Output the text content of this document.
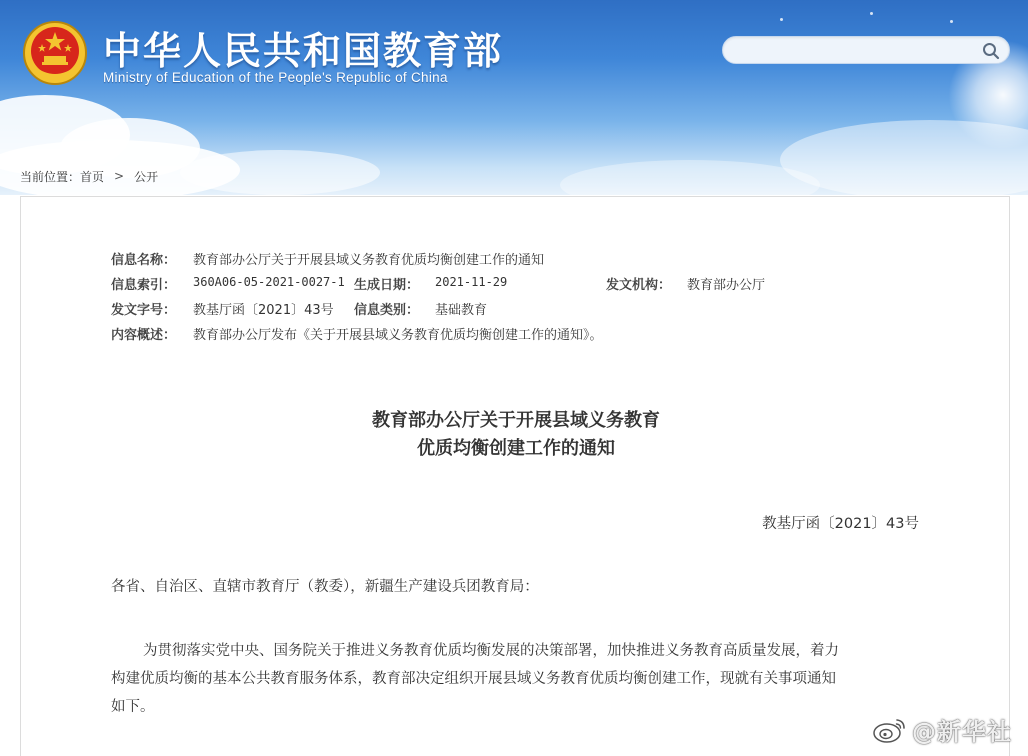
中华人民共和国教育部
Ministry of Education of the People's Republic of China
当前位置： 首页 > 公开
信息名称： 教育部办公厅关于开展县域义务教育优质均衡创建工作的通知
信息索引： 360A06-05-2021-0027-1 生成日期： 2021-11-29	发文机构： 教育部办公厅
发文字号： 教基厅函〔2021〕43号 信息类别： 基础教育
内容概述： 教育部办公厅发布《关于开展县域义务教育优质均衡创建工作的通知》。
教育部办公厅关于开展县域义务教育
优质均衡创建工作的通知
教基厅函〔2021〕43号
各省、自治区、直辖市教育厅（教委），新疆生产建设兵团教育局：
为贯彻落实党中央、国务院关于推进义务教育优质均衡发展的决策部署，加快推进义务教育高质量发展，着力
构建优质均衡的基本公共教育服务体系，教育部决定组织开展县域义务教育优质均衡创建工作，现就有关事项通知
如下。
@新华社
